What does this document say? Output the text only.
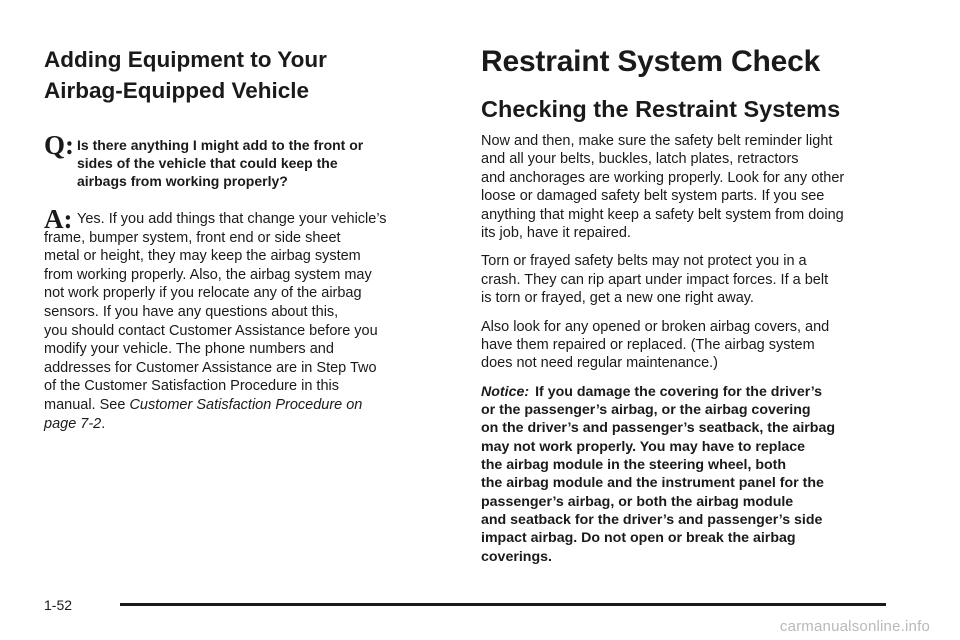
Adding Equipment to Your
Airbag-Equipped Vehicle
Q: Is there anything I might add to the front or
sides of the vehicle that could keep the
airbags from working properly?
A: Yes. If you add things that change your vehicle’s
frame, bumper system, front end or side sheet
metal or height, they may keep the airbag system
from working properly. Also, the airbag system may
not work properly if you relocate any of the airbag
sensors. If you have any questions about this,
you should contact Customer Assistance before you
modify your vehicle. The phone numbers and
addresses for Customer Assistance are in Step Two
of the Customer Satisfaction Procedure in this
manual. See Customer Satisfaction Procedure on
page 7-2.
Restraint System Check
Checking the Restraint Systems

Now and then, make sure the safety belt reminder light
and all your belts, buckles, latch plates, retractors
and anchorages are working properly. Look for any other
loose or damaged safety belt system parts. If you see
anything that might keep a safety belt system from doing
its job, have it repaired.

Torn or frayed safety belts may not protect you in a
crash. They can rip apart under impact forces. If a belt
is torn or frayed, get a new one right away.

Also look for any opened or broken airbag covers, and
have them repaired or replaced. (The airbag system
does not need regular maintenance.)

Notice: If you damage the covering for the driver’s
or the passenger’s airbag, or the airbag covering
on the driver’s and passenger’s seatback, the airbag
may not work properly. You may have to replace
the airbag module in the steering wheel, both
the airbag module and the instrument panel for the
passenger’s airbag, or both the airbag module
and seatback for the driver’s and passenger’s side
impact airbag. Do not open or break the airbag
coverings.

1-52
carmanualsonline.info
